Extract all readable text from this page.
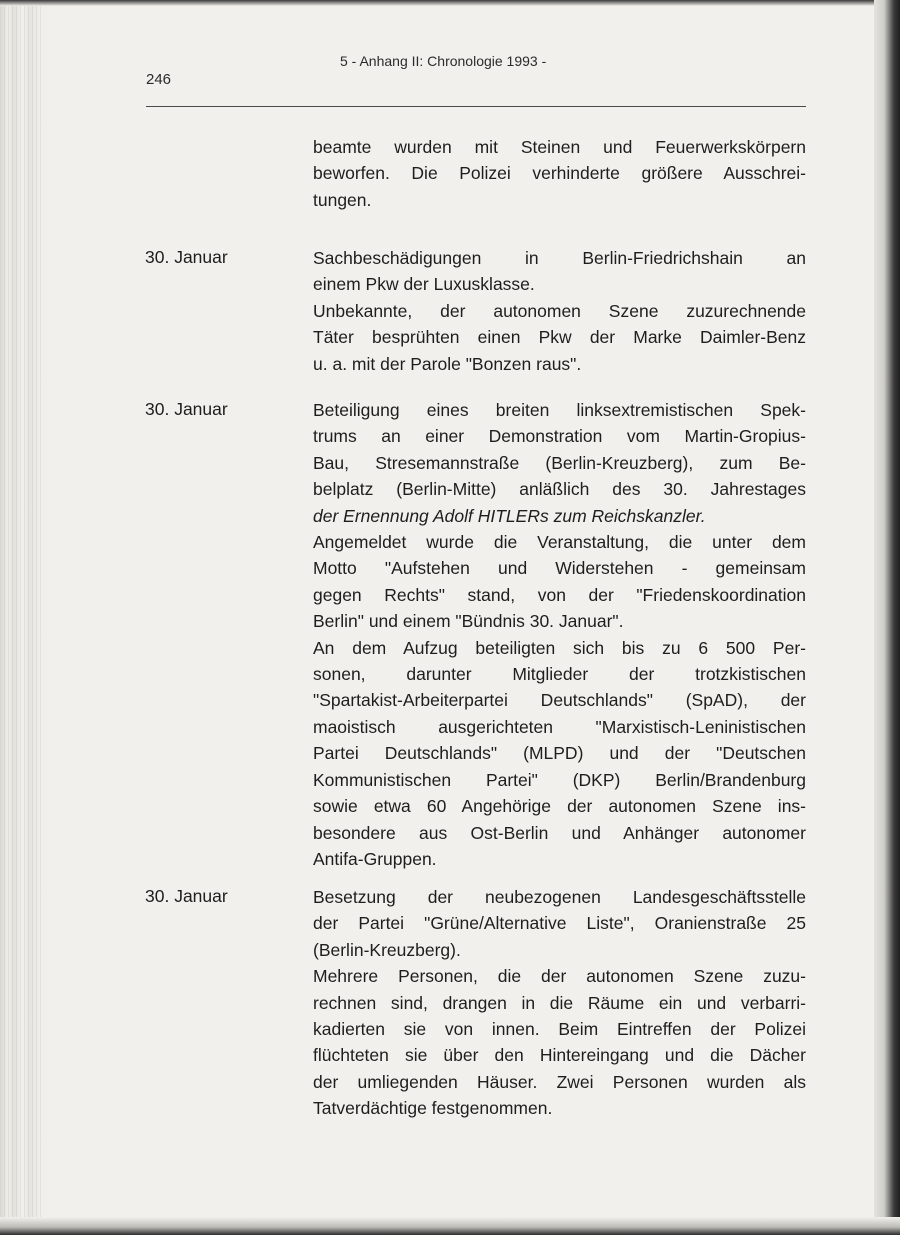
246
5 - Anhang II: Chronologie 1993 -
beamte wurden mit Steinen und Feuerwerkskörpern
beworfen. Die Polizei verhinderte größere Ausschrei-
tungen.
30. Januar	Sachbeschädigungen in Berlin-Friedrichshain an
einem Pkw der Luxusklasse.
Unbekannte, der autonomen Szene zuzurechnende
Täter besprühten einen Pkw der Marke Daimler-Benz
u. a. mit der Parole "Bonzen raus".
30. Januar	Beteiligung eines breiten linksextremistischen Spek-
trums an einer Demonstration vom Martin-Gropius-
Bau, Stresemannstraße (Berlin-Kreuzberg), zum Be-
belplatz (Berlin-Mitte) anläßlich des 30. Jahrestages
der Ernennung Adolf HITLERs zum Reichskanzler.
Angemeldet wurde die Veranstaltung, die unter dem
Motto "Aufstehen und Widerstehen - gemeinsam
gegen Rechts" stand, von der "Friedenskoordination
Berlin" und einem "Bündnis 30. Januar".
An dem Aufzug beteiligten sich bis zu 6 500 Per-
sonen, darunter Mitglieder der trotzkistischen
"Spartakist-Arbeiterpartei Deutschlands" (SpAD), der
maoistisch ausgerichteten "Marxistisch-Leninistischen
Partei Deutschlands" (MLPD) und der "Deutschen
Kommunistischen Partei" (DKP) Berlin/Brandenburg
sowie etwa 60 Angehörige der autonomen Szene ins-
besondere aus Ost-Berlin und Anhänger autonomer
Antifa-Gruppen.
30. Januar	Besetzung der neubezogenen Landesgeschäftsstelle
der Partei "Grüne/Alternative Liste", Oranienstraße 25
(Berlin-Kreuzberg).
Mehrere Personen, die der autonomen Szene zuzu-
rechnen sind, drangen in die Räume ein und verbarri-
kadierten sie von innen. Beim Eintreffen der Polizei
flüchteten sie über den Hintereingang und die Dächer
der umliegenden Häuser. Zwei Personen wurden als
Tatverdächtige festgenommen.
